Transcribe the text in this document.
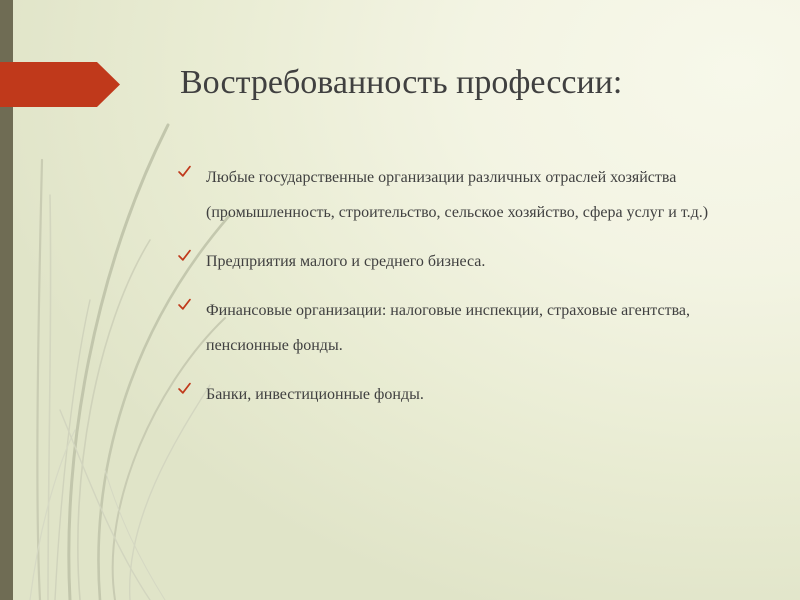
Востребованность профессии:
Любые государственные организации различных отраслей хозяйства (промышленность, строительство, сельское хозяйство, сфера услуг и т.д.)
Предприятия малого и среднего бизнеса.
Финансовые организации: налоговые инспекции, страховые агентства, пенсионные фонды.
Банки, инвестиционные фонды.
